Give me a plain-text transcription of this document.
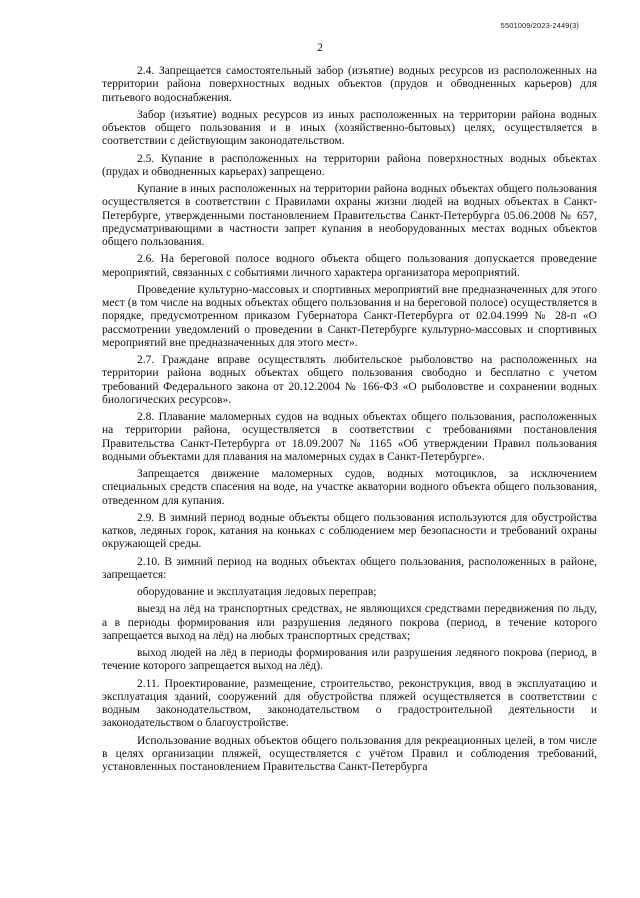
5501009/2023-2449(3)
2

2.4. Запрещается самостоятельный забор (изъятие) водных ресурсов из расположенных на территории района поверхностных водных объектов (прудов и обводненных карьеров) для питьевого водоснабжения.

Забор (изъятие) водных ресурсов из иных расположенных на территории района водных объектов общего пользования и в иных (хозяйственно-бытовых) целях, осуществляется в соответствии с действующим законодательством.

2.5. Купание в расположенных на территории района поверхностных водных объектах (прудах и обводненных карьерах) запрещено.

Купание в иных расположенных на территории района водных объектах общего пользования осуществляется в соответствии с Правилами охраны жизни людей на водных объектах в Санкт-Петербурге, утвержденными постановлением Правительства Санкт-Петербурга 05.06.2008 № 657, предусматривающими в частности запрет купания в необорудованных местах водных объектов общего пользования.

2.6. На береговой полосе водного объекта общего пользования допускается проведение мероприятий, связанных с событиями личного характера организатора мероприятий.

Проведение культурно-массовых и спортивных мероприятий вне предназначенных для этого мест (в том числе на водных объектах общего пользования и на береговой полосе) осуществляется в порядке, предусмотренном приказом Губернатора Санкт-Петербурга от 02.04.1999 № 28-п «О рассмотрении уведомлений о проведении в Санкт-Петербурге культурно-массовых и спортивных мероприятий вне предназначенных для этого мест».

2.7. Граждане вправе осуществлять любительское рыболовство на расположенных на территории района водных объектах общего пользования свободно и бесплатно с учетом требований Федерального закона от 20.12.2004 № 166-ФЗ «О рыболовстве и сохранении водных биологических ресурсов».

2.8. Плавание маломерных судов на водных объектах общего пользования, расположенных на территории района, осуществляется в соответствии с требованиями постановления Правительства Санкт-Петербурга от 18.09.2007 № 1165 «Об утверждении Правил пользования водными объектами для плавания на маломерных судах в Санкт-Петербурге».

Запрещается движение маломерных судов, водных мотоциклов, за исключением специальных средств спасения на воде, на участке акватории водного объекта общего пользования, отведенном для купания.

2.9. В зимний период водные объекты общего пользования используются для обустройства катков, ледяных горок, катания на коньках с соблюдением мер безопасности и требований охраны окружающей среды.

2.10. В зимний период на водных объектах общего пользования, расположенных в районе, запрещается:

оборудование и эксплуатация ледовых переправ;

выезд на лёд на транспортных средствах, не являющихся средствами передвижения по льду, а в периоды формирования или разрушения ледяного покрова (период, в течение которого запрещается выход на лёд) на любых транспортных средствах;

выход людей на лёд в периоды формирования или разрушения ледяного покрова (период, в течение которого запрещается выход на лёд).

2.11. Проектирование, размещение, строительство, реконструкция, ввод в эксплуатацию и эксплуатация зданий, сооружений для обустройства пляжей осуществляется в соответствии с водным законодательством, законодательством о градостроительной деятельности и законодательством о благоустройстве.

Использование водных объектов общего пользования для рекреационных целей, в том числе в целях организации пляжей, осуществляется с учётом Правил и соблюдения требований, установленных постановлением Правительства Санкт-Петербурга
